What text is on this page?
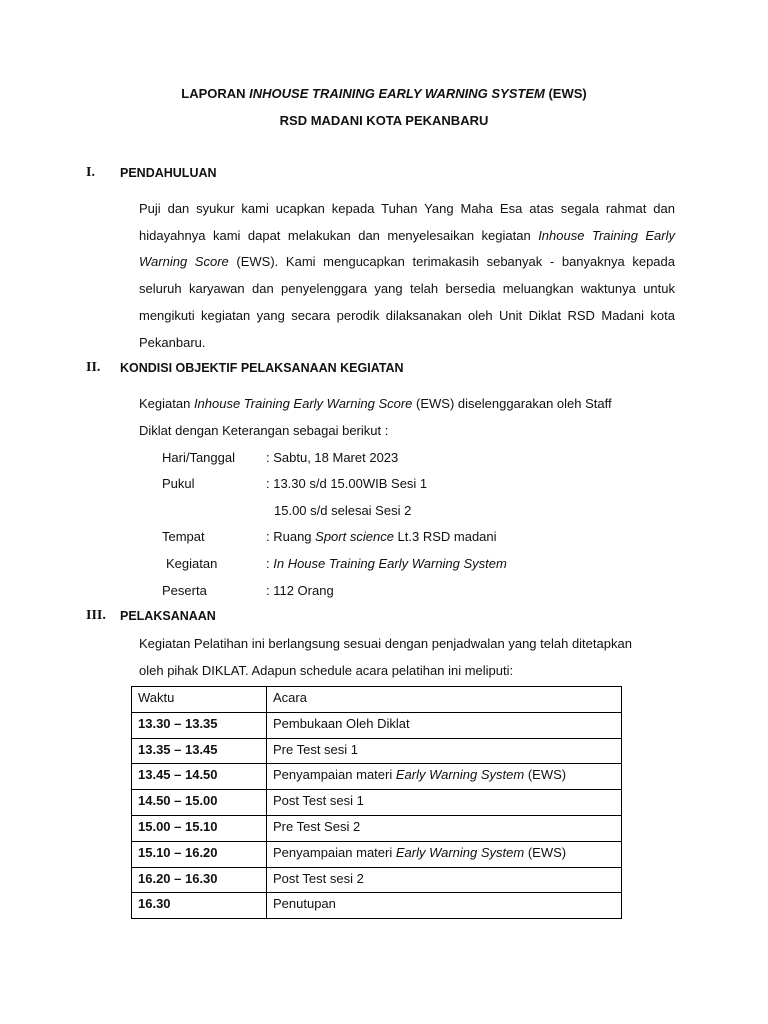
LAPORAN INHOUSE TRAINING EARLY WARNING SYSTEM (EWS)
RSD MADANI KOTA PEKANBARU
I. PENDAHULUAN
Puji dan syukur kami ucapkan kepada Tuhan Yang Maha Esa atas segala rahmat dan hidayahnya kami dapat melakukan dan menyelesaikan kegiatan Inhouse Training Early Warning Score (EWS). Kami mengucapkan terimakasih sebanyak - banyaknya kepada seluruh karyawan dan penyelenggara yang telah bersedia meluangkan waktunya untuk mengikuti kegiatan yang secara perodik dilaksanakan oleh Unit Diklat RSD Madani kota Pekanbaru.
II. KONDISI OBJEKTIF PELAKSANAAN KEGIATAN
Kegiatan Inhouse Training Early Warning Score (EWS) diselenggarakan oleh Staff
Diklat dengan Keterangan sebagai berikut :
Hari/Tanggal : Sabtu, 18 Maret 2023
Pukul	: 13.30 s/d 15.00WIB Sesi 1
15.00 s/d selesai Sesi 2
Tempat	: Ruang Sport science Lt.3 RSD madani
Kegiatan	: In House Training Early Warning System
Peserta	: 112 Orang
III. PELAKSANAAN
Kegiatan Pelatihan ini berlangsung sesuai dengan penjadwalan yang telah ditetapkan
oleh pihak DIKLAT. Adapun schedule acara pelatihan ini meliputi:
Waktu	Acara
13.30 – 13.35	Pembukaan Oleh Diklat
13.35 – 13.45	Pre Test sesi 1
13.45 – 14.50	Penyampaian materi Early Warning System (EWS)
14.50 – 15.00	Post Test sesi 1
15.00 – 15.10	Pre Test Sesi 2
15.10 – 16.20	Penyampaian materi Early Warning System (EWS)
16.20 – 16.30	Post Test sesi 2
16.30	Penutupan
